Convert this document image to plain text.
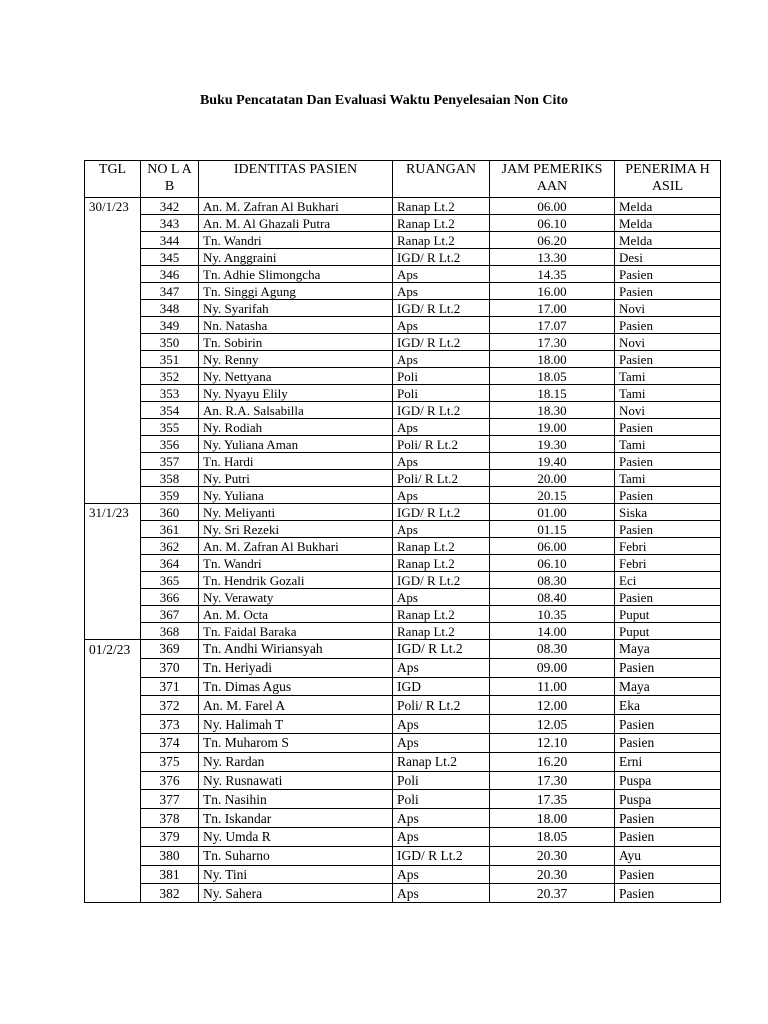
Buku Pencatatan Dan Evaluasi Waktu Penyelesaian Non Cito
TGL	NO L AB	IDENTITAS PASIEN	RUANGAN	JAM PEMERIKS AAN	PENERIMA HASIL
30/1/23	342	An. M. Zafran Al Bukhari	Ranap Lt.2	06.00	Melda
	343	An. M. Al Ghazali Putra	Ranap Lt.2	06.10	Melda
	344	Tn. Wandri	Ranap Lt.2	06.20	Melda
	345	Ny. Anggraini	IGD/ R Lt.2	13.30	Desi
	346	Tn. Adhie Slimongcha	Aps	14.35	Pasien
	347	Tn. Singgi Agung	Aps	16.00	Pasien
	348	Ny. Syarifah	IGD/ R Lt.2	17.00	Novi
	349	Nn. Natasha	Aps	17.07	Pasien
	350	Tn. Sobirin	IGD/ R Lt.2	17.30	Novi
	351	Ny. Renny	Aps	18.00	Pasien
	352	Ny. Nettyana	Poli	18.05	Tami
	353	Ny. Nyayu Elily	Poli	18.15	Tami
	354	An. R.A. Salsabilla	IGD/ R Lt.2	18.30	Novi
	355	Ny. Rodiah	Aps	19.00	Pasien
	356	Ny. Yuliana Aman	Poli/ R Lt.2	19.30	Tami
	357	Tn. Hardi	Aps	19.40	Pasien
	358	Ny. Putri	Poli/ R Lt.2	20.00	Tami
	359	Ny. Yuliana	Aps	20.15	Pasien
31/1/23	360	Ny. Meliyanti	IGD/ R Lt.2	01.00	Siska
	361	Ny. Sri Rezeki	Aps	01.15	Pasien
	362	An. M. Zafran Al Bukhari	Ranap Lt.2	06.00	Febri
	364	Tn. Wandri	Ranap Lt.2	06.10	Febri
	365	Tn. Hendrik Gozali	IGD/ R Lt.2	08.30	Eci
	366	Ny. Verawaty	Aps	08.40	Pasien
	367	An. M. Octa	Ranap Lt.2	10.35	Puput
	368	Tn. Faidal Baraka	Ranap Lt.2	14.00	Puput
01/2/23	369	Tn. Andhi Wiriansyah	IGD/ R Lt.2	08.30	Maya
	370	Tn. Heriyadi	Aps	09.00	Pasien
	371	Tn. Dimas Agus	IGD	11.00	Maya
	372	An. M. Farel A	Poli/ R Lt.2	12.00	Eka
	373	Ny. Halimah T	Aps	12.05	Pasien
	374	Tn. Muharom S	Aps	12.10	Pasien
	375	Ny. Rardan	Ranap Lt.2	16.20	Erni
	376	Ny. Rusnawati	Poli	17.30	Puspa
	377	Tn. Nasihin	Poli	17.35	Puspa
	378	Tn. Iskandar	Aps	18.00	Pasien
	379	Ny. Umda R	Aps	18.05	Pasien
	380	Tn. Suharno	IGD/ R Lt.2	20.30	Ayu
	381	Ny. Tini	Aps	20.30	Pasien
	382	Ny. Sahera	Aps	20.37	Pasien
